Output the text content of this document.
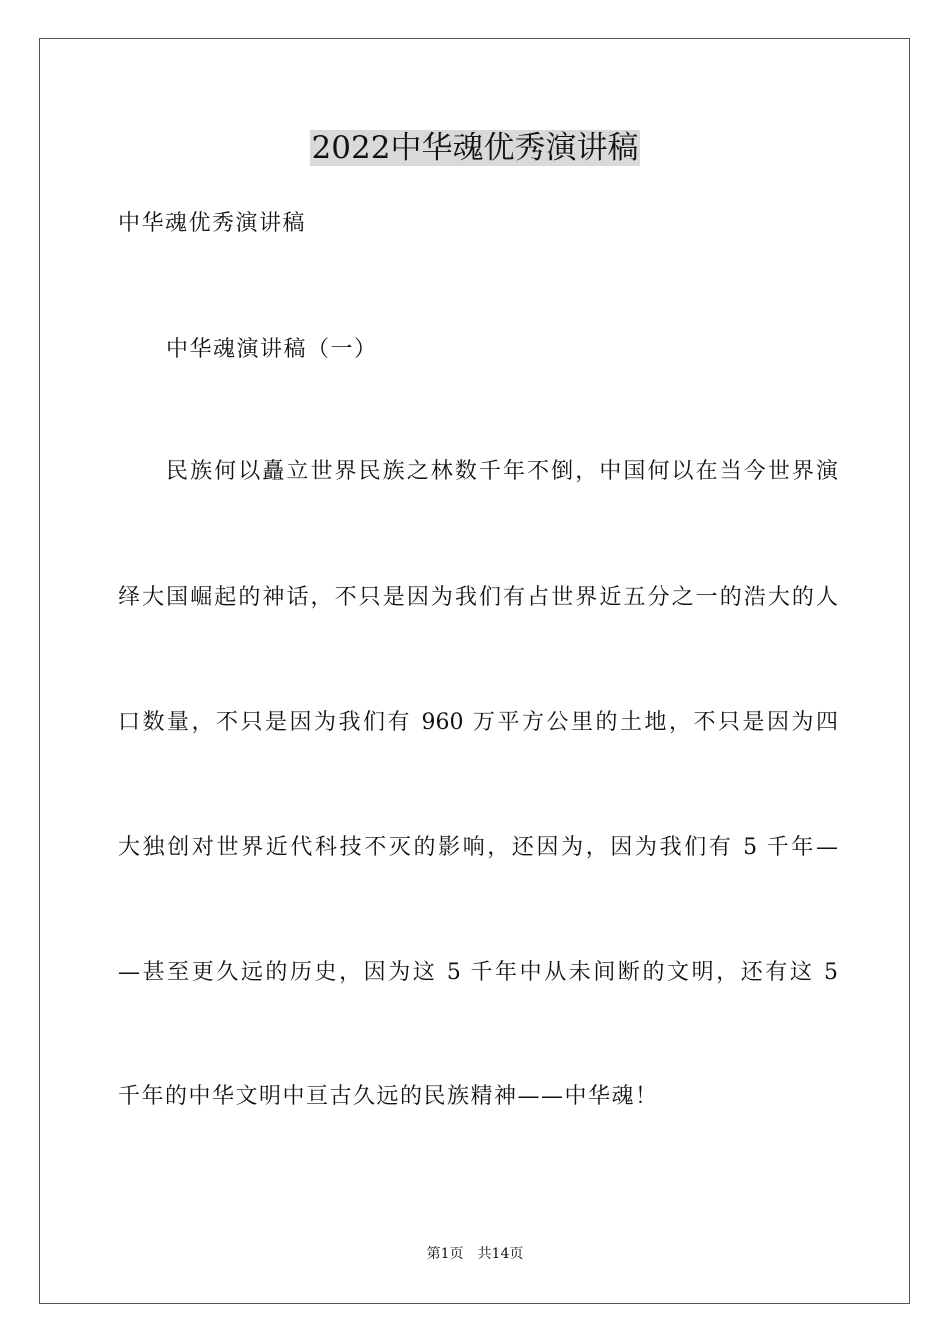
2022中华魂优秀演讲稿
中华魂优秀演讲稿
中华魂演讲稿（一）
民族何以矗立世界民族之林数千年不倒，中国何以在当今世界演
绎大国崛起的神话，不只是因为我们有占世界近五分之一的浩大的人
口数量，不只是因为我们有 960 万平方公里的土地，不只是因为四
大独创对世界近代科技不灭的影响，还因为，因为我们有 5 千年—
—甚至更久远的历史，因为这 5 千年中从未间断的文明，还有这 5
千年的中华文明中亘古久远的民族精神——中华魂！
第1页　共14页
